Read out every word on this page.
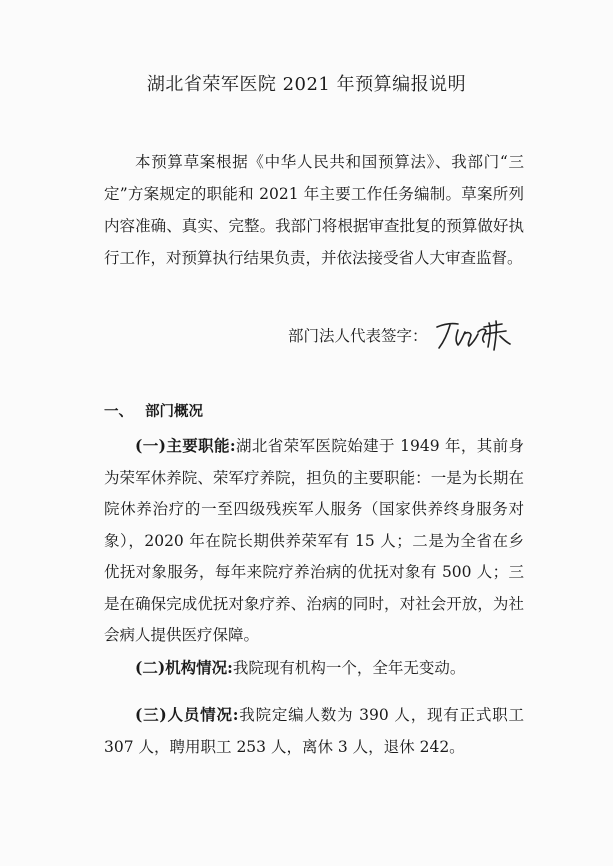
湖北省荣军医院 2021 年预算编报说明

本预算草案根据《中华人民共和国预算法》、我部门“三定”方案规定的职能和 2021 年主要工作任务编制。草案所列内容准确、真实、完整。我部门将根据审查批复的预算做好执行工作，对预算执行结果负责，并依法接受省人大审查监督。

部门法人代表签字：
一、 部门概况

(一)主要职能:湖北省荣军医院始建于 1949 年，其前身为荣军休养院、荣军疗养院，担负的主要职能：一是为长期在院休养治疗的一至四级残疾军人服务（国家供养终身服务对象），2020 年在院长期供养荣军有 15 人；二是为全省在乡优抚对象服务，每年来院疗养治病的优抚对象有 500 人；三是在确保完成优抚对象疗养、治病的同时，对社会开放，为社会病人提供医疗保障。

(二)机构情况:我院现有机构一个，全年无变动。

(三)人员情况:我院定编人数为 390 人，现有正式职工 307 人，聘用职工 253 人，离休 3 人，退休 242。
